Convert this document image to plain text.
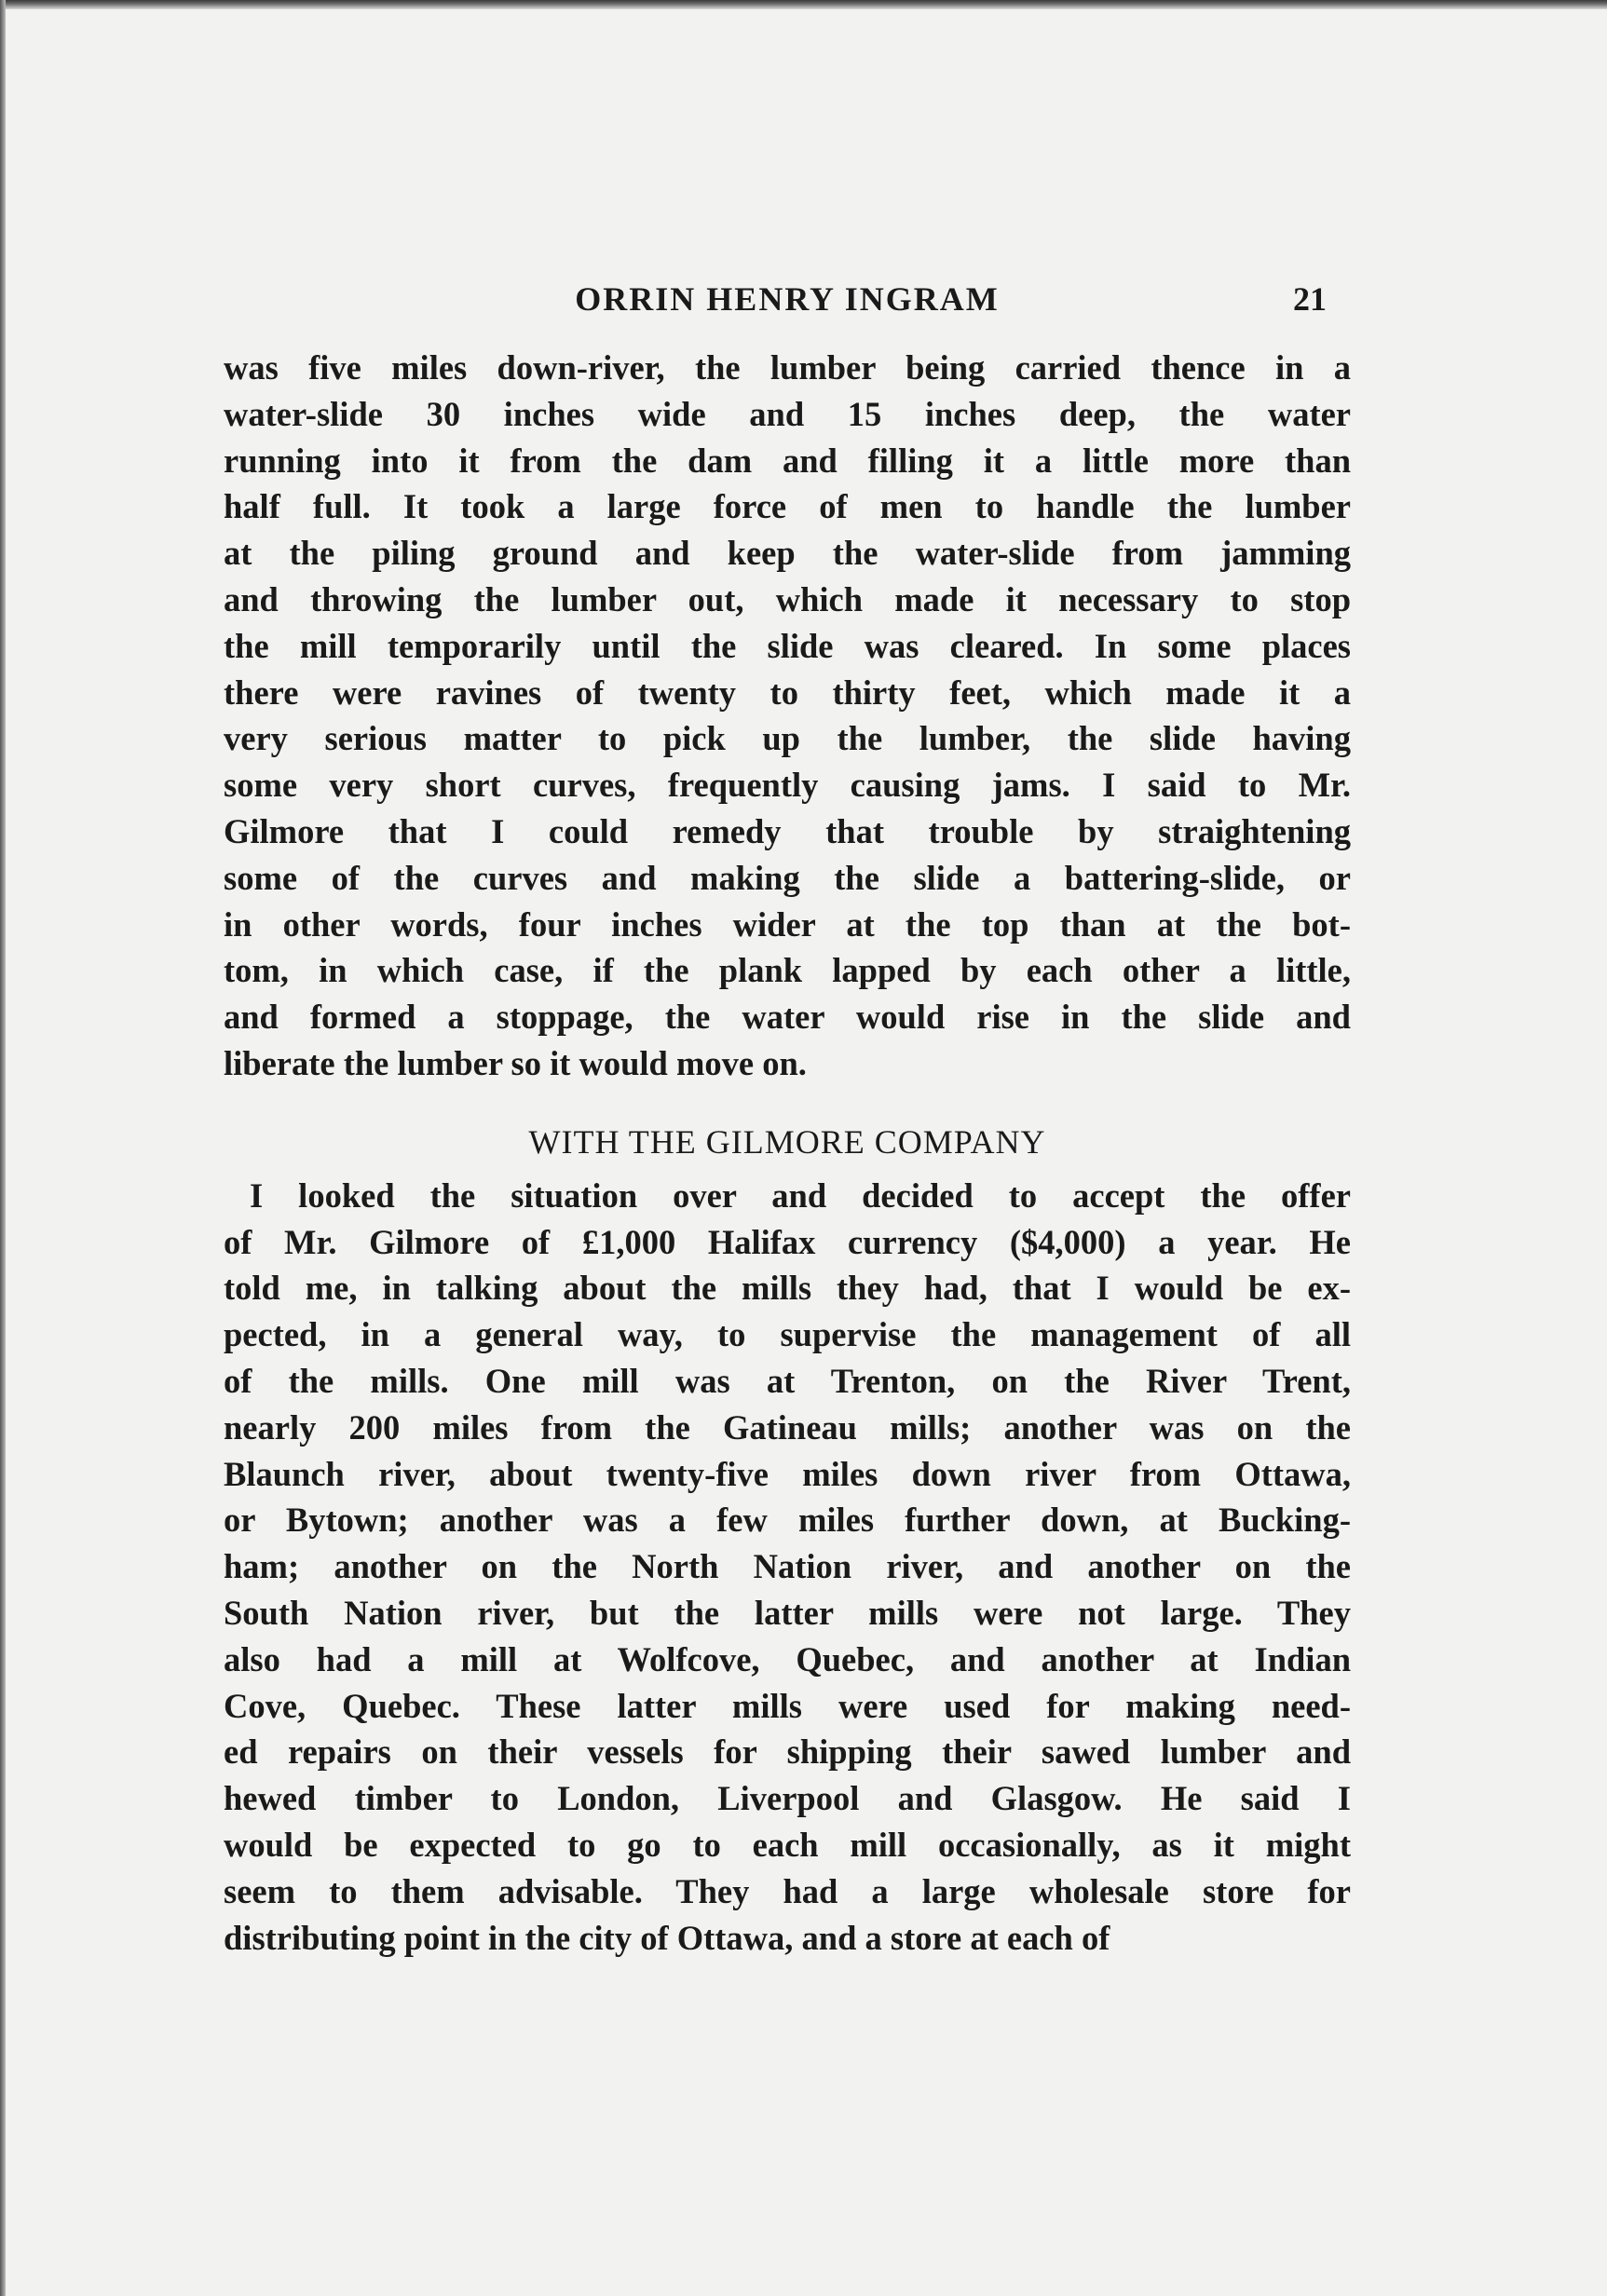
ORRIN HENRY INGRAM	21
was five miles down-river, the lumber being carried thence in a
water-slide 30 inches wide and 15 inches deep, the water
running into it from the dam and filling it a little more than
half full. It took a large force of men to handle the lumber
at the piling ground and keep the water-slide from jamming
and throwing the lumber out, which made it necessary to stop
the mill temporarily until the slide was cleared. In some places
there were ravines of twenty to thirty feet, which made it a
very serious matter to pick up the lumber, the slide having
some very short curves, frequently causing jams. I said to Mr.
Gilmore that I could remedy that trouble by straightening
some of the curves and making the slide a battering-slide, or
in other words, four inches wider at the top than at the bot-
tom, in which case, if the plank lapped by each other a little,
and formed a stoppage, the water would rise in the slide and
liberate the lumber so it would move on.
WITH THE GILMORE COMPANY
I looked the situation over and decided to accept the offer
of Mr. Gilmore of £1,000 Halifax currency ($4,000) a year. He
told me, in talking about the mills they had, that I would be ex-
pected, in a general way, to supervise the management of all
of the mills. One mill was at Trenton, on the River Trent,
nearly 200 miles from the Gatineau mills; another was on the
Blaunch river, about twenty-five miles down river from Ottawa,
or Bytown; another was a few miles further down, at Bucking-
ham; another on the North Nation river, and another on the
South Nation river, but the latter mills were not large. They
also had a mill at Wolfcove, Quebec, and another at Indian
Cove, Quebec. These latter mills were used for making need-
ed repairs on their vessels for shipping their sawed lumber and
hewed timber to London, Liverpool and Glasgow. He said I
would be expected to go to each mill occasionally, as it might
seem to them advisable. They had a large wholesale store for
distributing point in the city of Ottawa, and a store at each of
